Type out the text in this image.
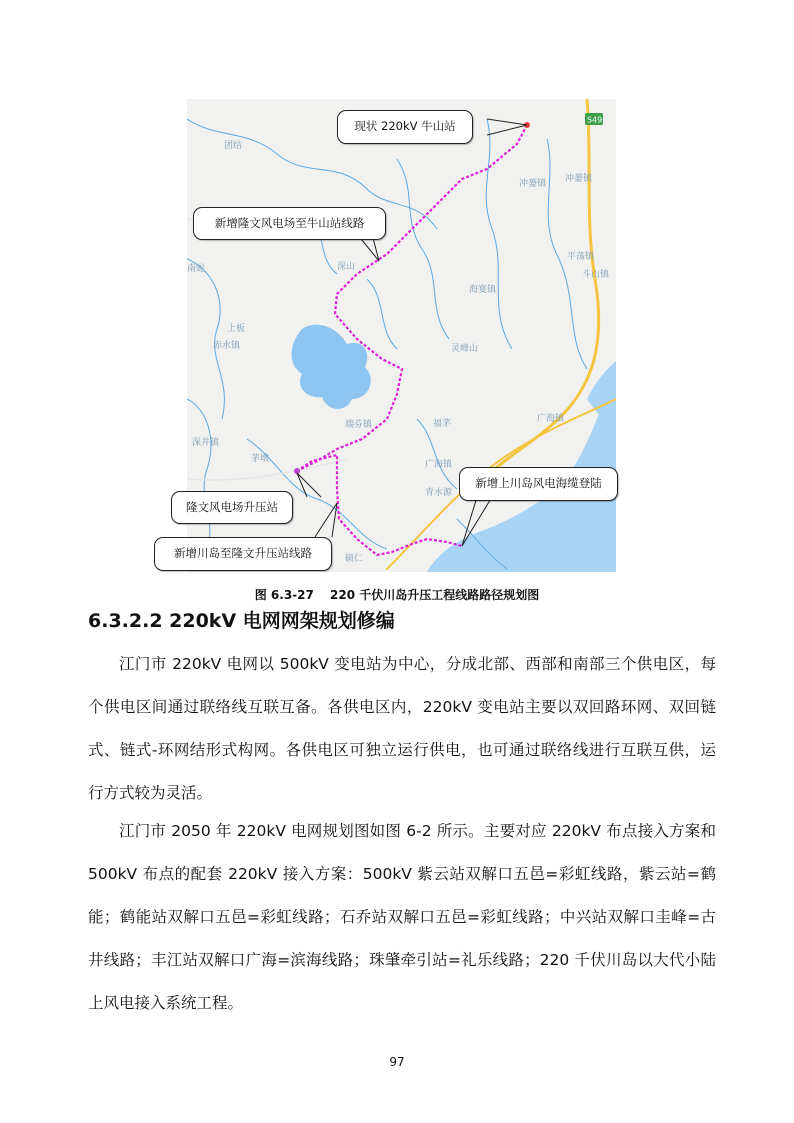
冲蒌镇 冲蒌镇
平荡镇
斗山镇
上板
赤水镇
深井镇
茅墩
端芬镇
灵峰山
海宴镇
广海镇
广海镇
青水源
硕仁
福茅
深山
南蛇
团结
S49
现状 220kV 牛山站
新增隆文风电场至牛山站线路
新增上川岛风电海缆登陆
隆文风电场升压站
新增川岛至隆文升压站线路
图 6.3-27　 220 千伏川岛升压工程线路路径规划图
6.3.2.2 220kV 电网网架规划修编
江门市 220kV 电网以 500kV 变电站为中心，分成北部、西部和南部三个供电区，每
个供电区间通过联络线互联互备。各供电区内，220kV 变电站主要以双回路环网、双回链
式、链式-环网结形式构网。各供电区可独立运行供电，也可通过联络线进行互联互供，运
行方式较为灵活。
江门市 2050 年 220kV 电网规划图如图 6-2 所示。主要对应 220kV 布点接入方案和
500kV 布点的配套 220kV 接入方案：500kV 紫云站双解口五邑=彩虹线路，紫云站=鹤
能；鹤能站双解口五邑=彩虹线路；石乔站双解口五邑=彩虹线路；中兴站双解口圭峰=古
井线路；丰江站双解口广海=滨海线路；珠肇牵引站=礼乐线路；220 千伏川岛以大代小陆
上风电接入系统工程。
97
